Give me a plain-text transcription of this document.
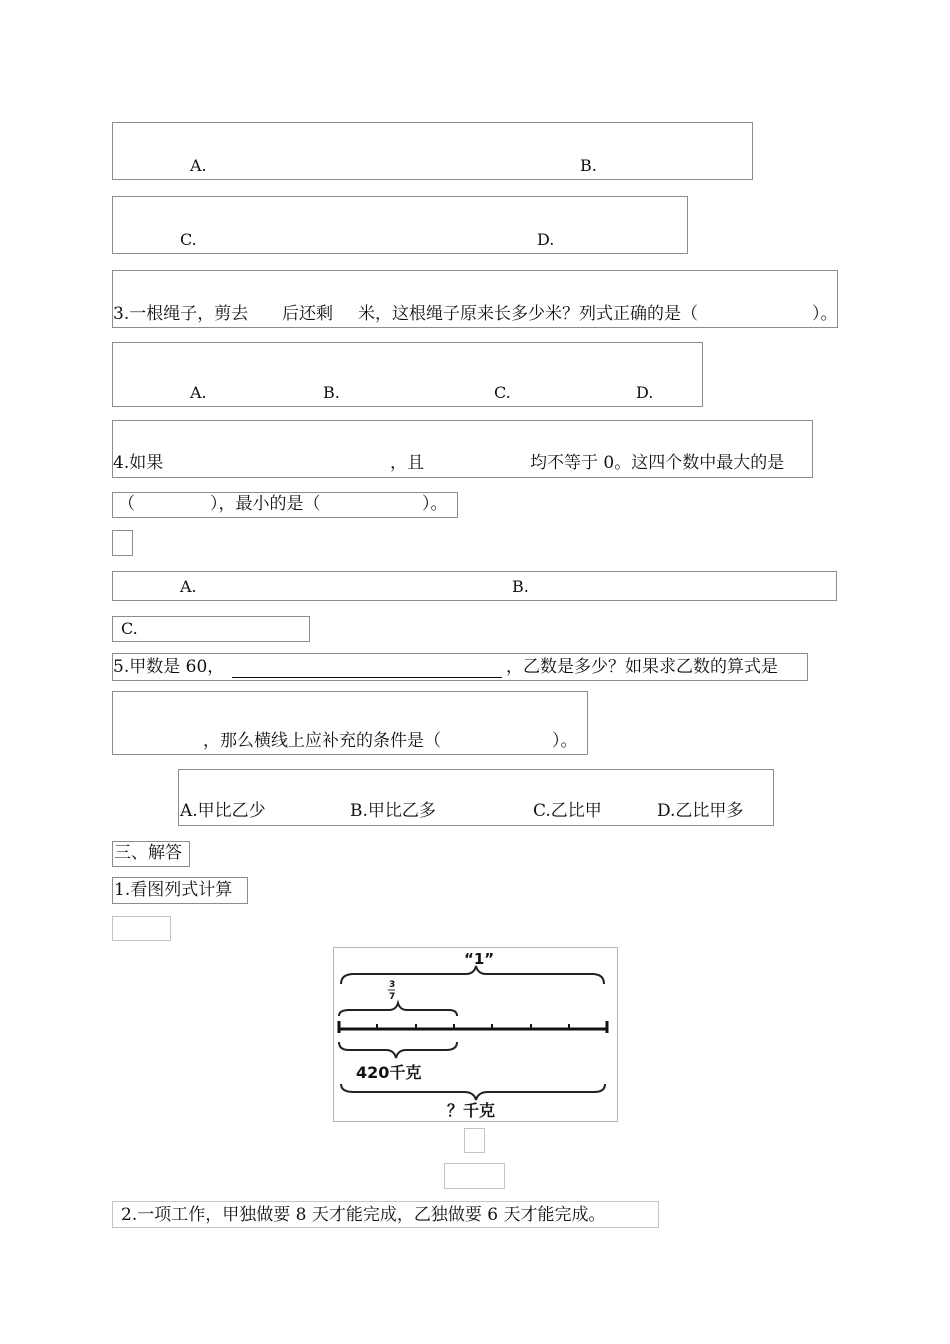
A.	B.
C.	D.
3.一根绳子，剪去 后还剩 米，这根绳子原来长多少米？列式正确的是（	）。
A.	B.	C.	D.
4.如果	，且	均不等于 0。这四个数中最大的是
（	），最小的是（	）。
A.	B.
C.
5.甲数是 60，	，乙数是多少？如果求乙数的算式是
，那么横线上应补充的条件是（	）。
A.甲比乙少	B.甲比乙多	C.乙比甲	D.乙比甲多
三、解答
1.看图列式计算
“1”
3
7
420千克
？千克
2.一项工作，甲独做要 8 天才能完成，乙独做要 6 天才能完成。
